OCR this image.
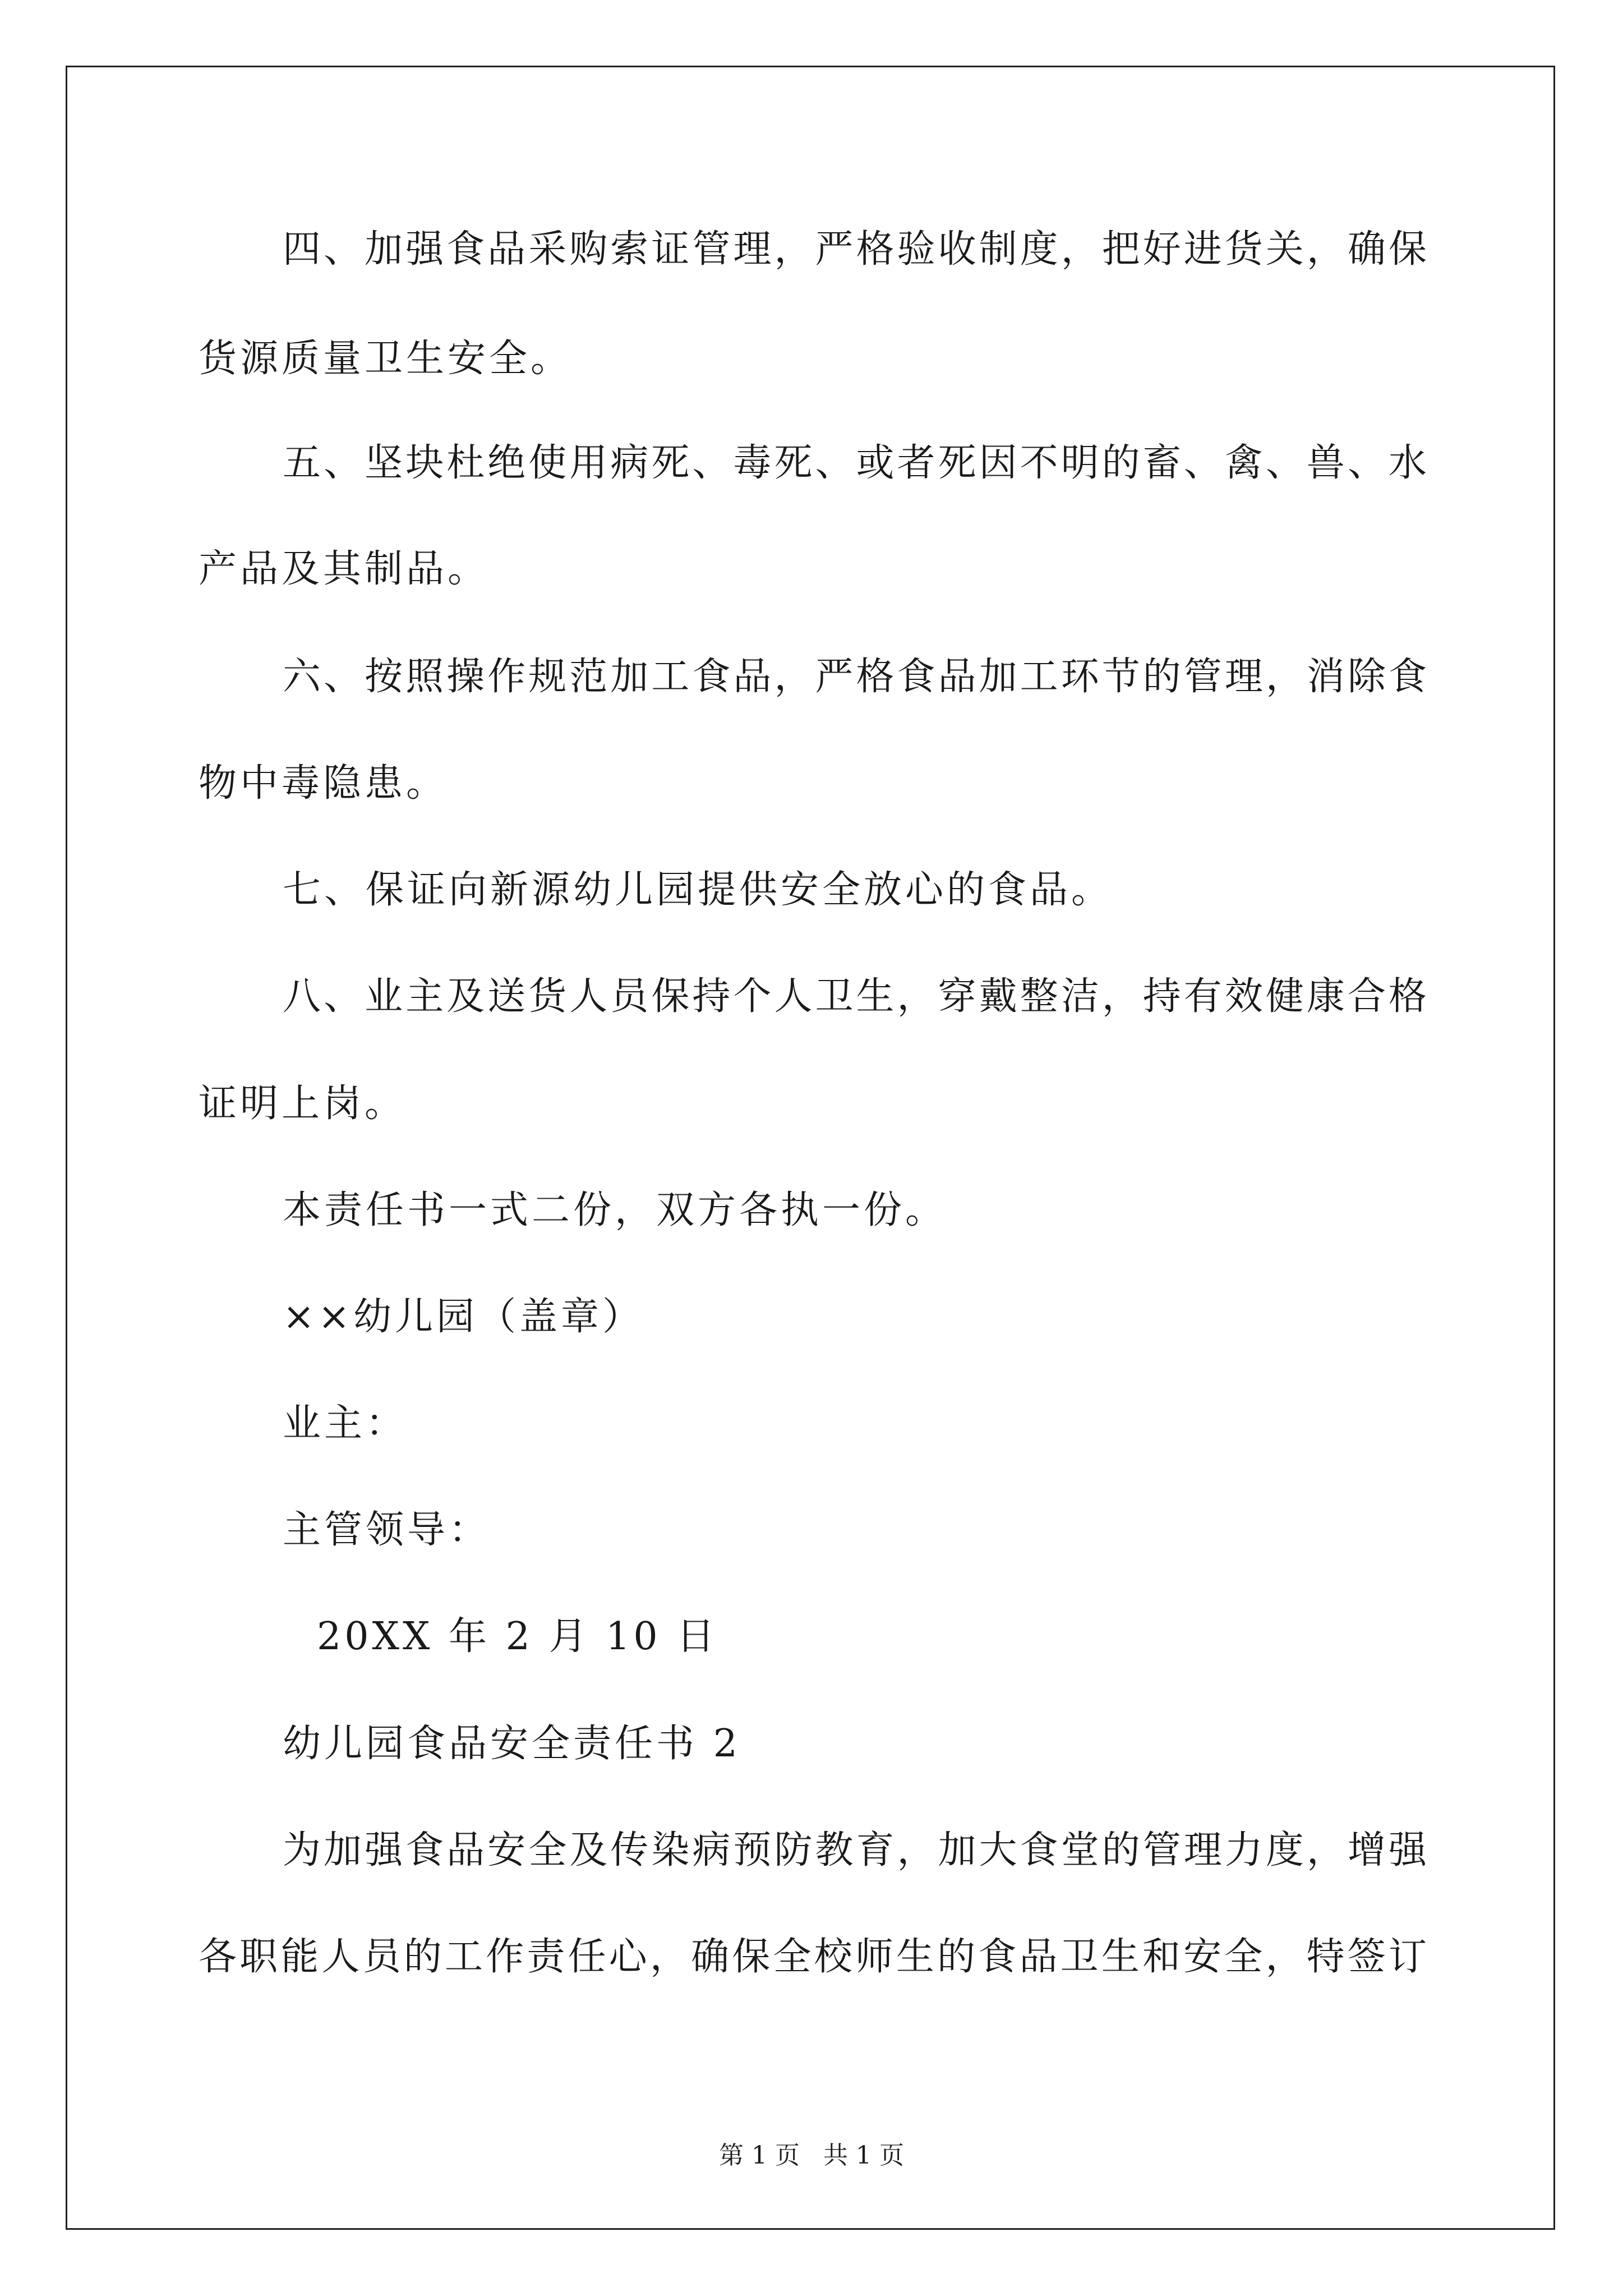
四、加强食品采购索证管理，严格验收制度，把好进货关，确保
货源质量卫生安全。
五、坚块杜绝使用病死、毒死、或者死因不明的畜、禽、兽、水
产品及其制品。
六、按照操作规范加工食品，严格食品加工环节的管理，消除食
物中毒隐患。
七、保证向新源幼儿园提供安全放心的食品。
八、业主及送货人员保持个人卫生，穿戴整洁，持有效健康合格
证明上岗。
本责任书一式二份，双方各执一份。
××幼儿园（盖章）
业主：
主管领导：
20XX 年 2 月 10 日
幼儿园食品安全责任书 2
为加强食品安全及传染病预防教育，加大食堂的管理力度，增强
各职能人员的工作责任心，确保全校师生的食品卫生和安全，特签订
第 1 页   共 1 页
